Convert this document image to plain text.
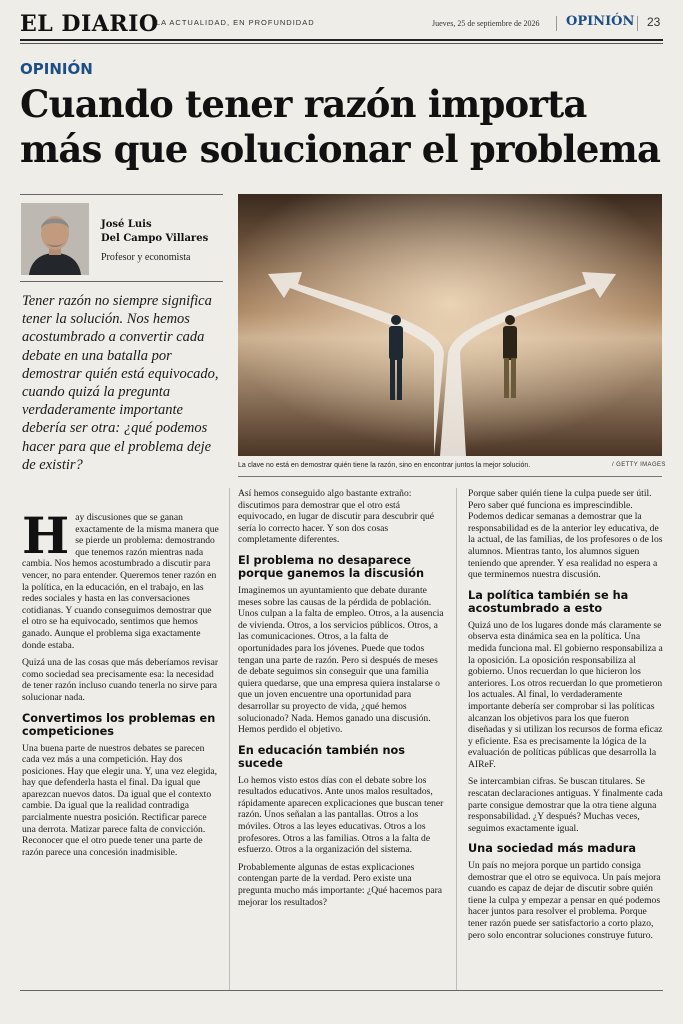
EL DIARIO
LA ACTUALIDAD, EN PROFUNDIDAD	Jueves, 25 de septiembre de 2026 OPINIÓN 23
OPINIÓN
Cuando tener razón importa más que solucionar el problema
José Luis
Del Campo Villares
Profesor y economista

Tener razón no siempre significa tener la solución. Nos hemos acostumbrado a convertir cada debate en una batalla por demostrar quién está equivocado, cuando quizá la pregunta verdaderamente importante debería ser otra: ¿qué podemos hacer para que el problema deje de existir?	La clave no está en demostrar quién tiene la razón, sino en encontrar juntos la mejor solución.	/ GETTY IMAGES

Hay discusiones que se ganan exactamente de la misma manera que se pierde un problema: demostrando que tenemos razón mientras nada cambia. Nos hemos acostumbrado a discutir para vencer, no para entender. Queremos tener razón en la política, en la educación, en el trabajo, en las redes sociales y hasta en las conversaciones cotidianas. Y cuando conseguimos demostrar que el otro se ha equivocado, sentimos que hemos ganado. Aunque el problema siga exactamente donde estaba.

Quizá una de las cosas que más deberíamos revisar como sociedad sea precisamente esa: la necesidad de tener razón incluso cuando tenerla no sirve para solucionar nada.

Convertimos los problemas en competiciones

Una buena parte de nuestros debates se parecen cada vez más a una competición. Hay dos posiciones. Hay que elegir una. Y, una vez elegida, hay que defenderla hasta el final. Da igual que aparezcan nuevos datos. Da igual que el contexto cambie. Da igual que la realidad contradiga parcialmente nuestra posición. Rectificar parece una derrota. Matizar parece falta de convicción. Reconocer que el otro puede tener una parte de razón parece una concesión inadmisible.

Así hemos conseguido algo bastante extraño: discutimos para demostrar que el otro está equivocado, en lugar de discutir para descubrir qué sería lo correcto hacer. Y son dos cosas completamente diferentes.

El problema no desaparece porque ganemos la discusión

Imaginemos un ayuntamiento que debate durante meses sobre las causas de la pérdida de población. Unos culpan a la falta de empleo. Otros, a la ausencia de vivienda. Otros, a los servicios públicos. Otros, a las comunicaciones. Otros, a la falta de oportunidades para los jóvenes. Puede que todos tengan una parte de razón. Pero si después de meses de debate seguimos sin conseguir que una familia quiera quedarse, que una empresa quiera instalarse o que un joven encuentre una oportunidad para desarrollar su proyecto de vida, ¿qué hemos solucionado? Nada. Hemos ganado una discusión. Hemos perdido el objetivo.

En educación también nos sucede

Lo hemos visto estos días con el debate sobre los resultados educativos. Ante unos malos resultados, rápidamente aparecen explicaciones que buscan tener razón. Unos señalan a las pantallas. Otros a los móviles. Otros a las leyes educativas. Otros a los profesores. Otros a las familias. Otros a la falta de esfuerzo. Otros a la organización del sistema.

Probablemente algunas de estas explicaciones contengan parte de la verdad. Pero existe una pregunta mucho más importante: ¿Qué hacemos para mejorar los resultados?

Porque saber quién tiene la culpa puede ser útil. Pero saber qué funciona es imprescindible. Podemos dedicar semanas a demostrar que la responsabilidad es de la anterior ley educativa, de la actual, de las familias, de los profesores o de los alumnos. Mientras tanto, los alumnos siguen teniendo que aprender. Y esa realidad no espera a que terminemos nuestra discusión.

La política también se ha acostumbrado a esto

Quizá uno de los lugares donde más claramente se observa esta dinámica sea en la política. Una medida funciona mal. El gobierno responsabiliza a la oposición. La oposición responsabiliza al gobierno. Unos recuerdan lo que hicieron los anteriores. Los otros recuerdan lo que prometieron los actuales. Al final, lo verdaderamente importante debería ser comprobar si las políticas alcanzan los objetivos para los que fueron diseñadas y si utilizan los recursos de forma eficaz y eficiente. Esa es precisamente la lógica de la evaluación de políticas públicas que desarrolla la AIReF.

Se intercambian cifras. Se buscan titulares. Se rescatan declaraciones antiguas. Y finalmente cada parte consigue demostrar que la otra tiene alguna responsabilidad. ¿Y después? Muchas veces, seguimos exactamente igual.

Una sociedad más madura

Un país no mejora porque un partido consiga demostrar que el otro se equivoca. Un país mejora cuando es capaz de dejar de discutir sobre quién tiene la culpa y empezar a pensar en qué podemos hacer juntos para resolver el problema. Porque tener razón puede ser satisfactorio a corto plazo, pero solo encontrar soluciones construye futuro.
